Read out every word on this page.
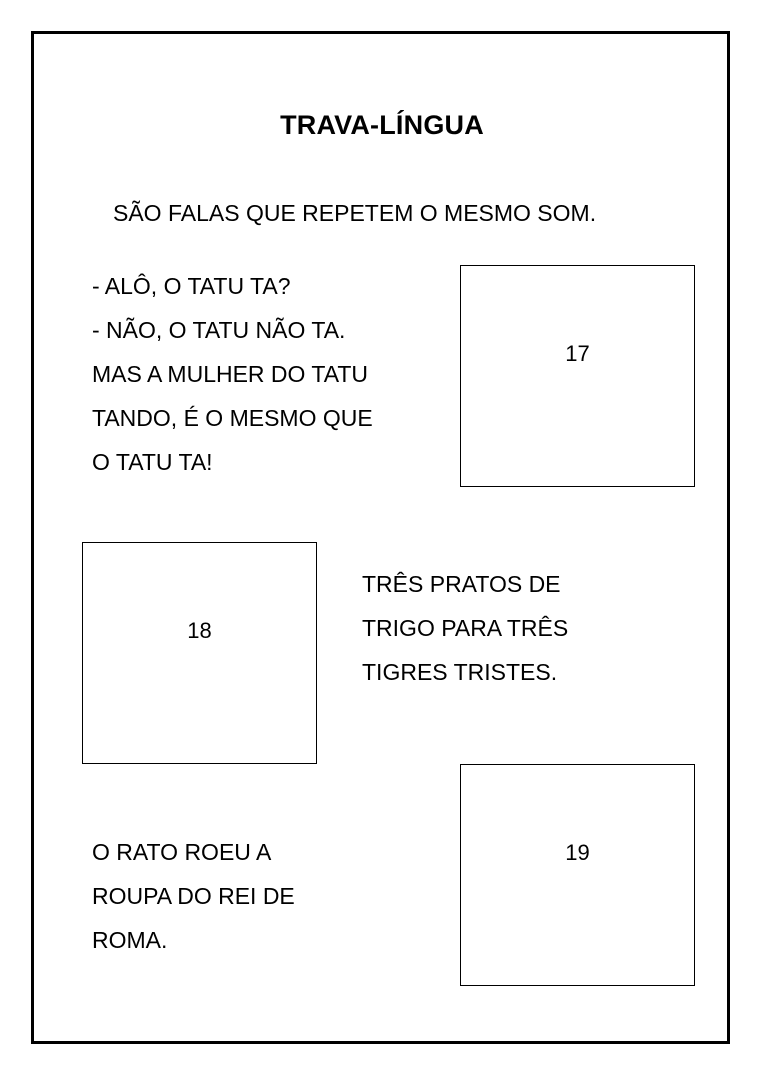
TRAVA-LÍNGUA
SÃO FALAS QUE REPETEM O MESMO SOM.
- ALÔ, O TATU TA?
- NÃO, O TATU NÃO TA.
MAS A MULHER DO TATU
TANDO, É O MESMO QUE
O TATU TA!
17
18
TRÊS PRATOS DE
TRIGO PARA TRÊS
TIGRES TRISTES.
O RATO ROEU A
ROUPA DO REI DE
ROMA.
19
